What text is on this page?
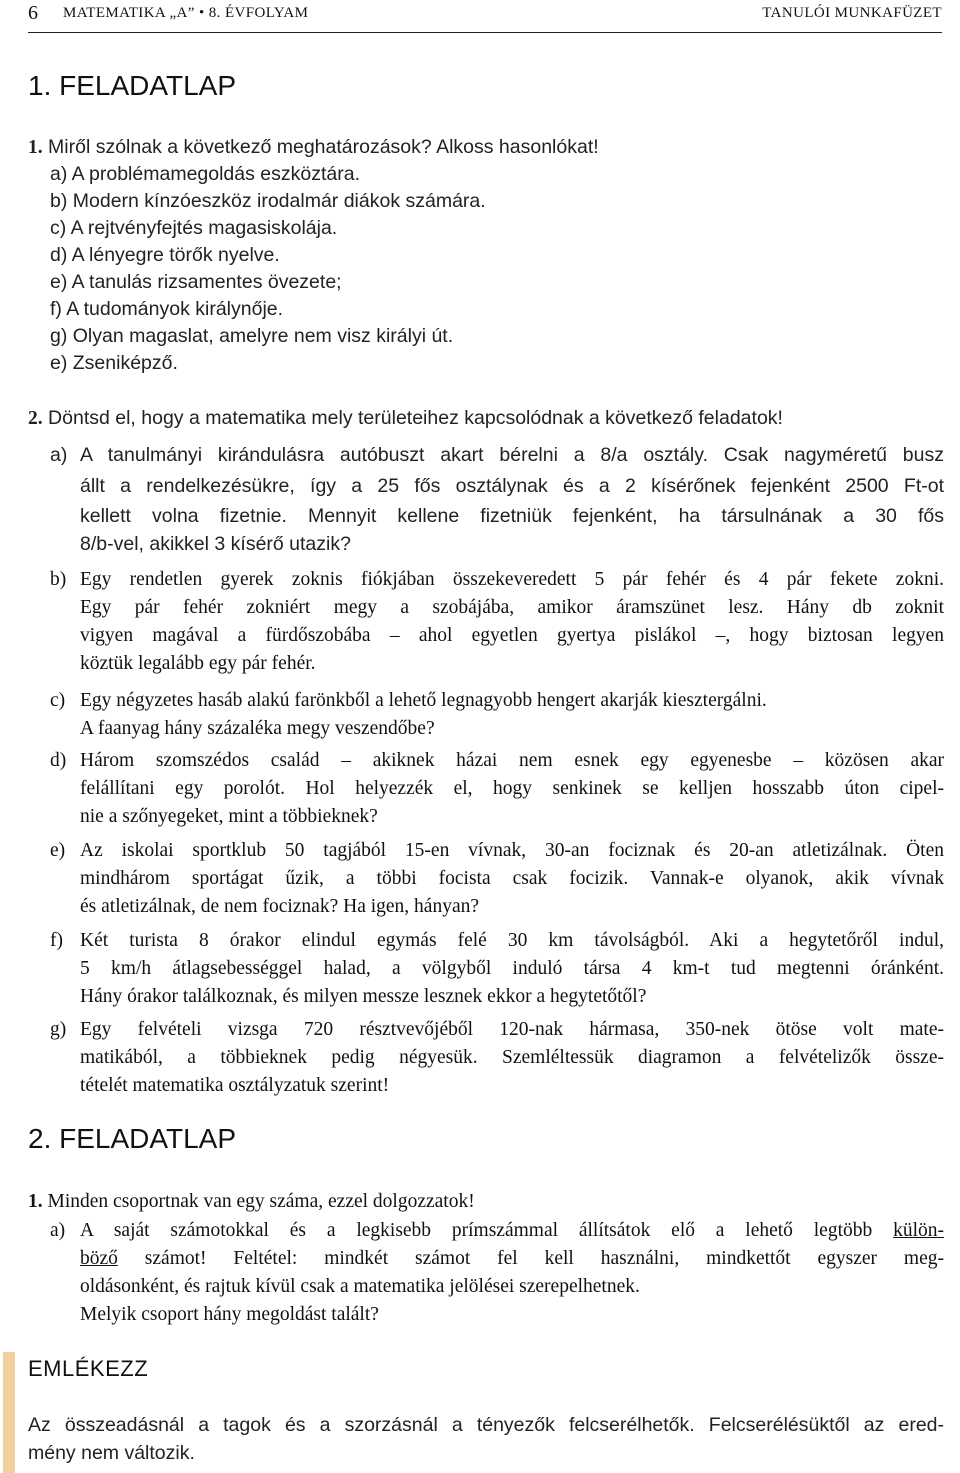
6 MATEMATIKA „A” • 8. ÉVFOLYAM	TANULÓI MUNKAFÜZET
1. FELADATLAP
1. Miről szólnak a következő meghatározások? Alkoss hasonlókat!
a) A problémamegoldás eszköztára.
b) Modern kínzóeszköz irodalmár diákok számára.
c) A rejtvényfejtés magasiskolája.
d) A lényegre törők nyelve.
e) A tanulás rizsamentes övezete;
f) A tudományok királynője.
g) Olyan magaslat, amelyre nem visz királyi út.
e) Zseniképző.
2. Döntsd el, hogy a matematika mely területeihez kapcsolódnak a következő feladatok!
a) A tanulmányi kirándulásra autóbuszt akart bérelni a 8/a osztály. Csak nagyméretű busz
állt a rendelkezésükre, így a 25 fős osztálynak és a 2 kísérőnek fejenként 2500 Ft-ot
kellett volna fizetnie. Mennyit kellene fizetniük fejenként, ha társulnának a 30 fős
8/b-vel, akikkel 3 kísérő utazik?
b) Egy rendetlen gyerek zoknis fiókjában összekeveredett 5 pár fehér és 4 pár fekete zokni.
Egy pár fehér zokniért megy a szobájába, amikor áramszünet lesz. Hány db zoknit
vigyen magával a fürdőszobába – ahol egyetlen gyertya pislákol –, hogy biztosan legyen
köztük legalább egy pár fehér.
c) Egy négyzetes hasáb alakú farönkből a lehető legnagyobb hengert akarják kiesztergálni.
A faanyag hány százaléka megy veszendőbe?
d) Három szomszédos család – akiknek házai nem esnek egy egyenesbe – közösen akar
felállítani egy porolót. Hol helyezzék el, hogy senkinek se kelljen hosszabb úton cipel-
nie a szőnyegeket, mint a többieknek?
e) Az iskolai sportklub 50 tagjából 15-en vívnak, 30-an fociznak és 20-an atletizálnak. Öten
mindhárom sportágat űzik, a többi focista csak focizik. Vannak-e olyanok, akik vívnak
és atletizálnak, de nem fociznak? Ha igen, hányan?
f) Két turista 8 órakor elindul egymás felé 30 km távolságból. Aki a hegytetőről indul,
5 km/h átlagsebességgel halad, a völgyből induló társa 4 km-t tud megtenni óránként.
Hány órakor találkoznak, és milyen messze lesznek ekkor a hegytetőtől?
g) Egy felvételi vizsga 720 résztvevőjéből 120-nak hármasa, 350-nek ötöse volt mate-
matikából, a többieknek pedig négyesük. Szemléltessük diagramon a felvételizők össze-
tételét matematika osztályzatuk szerint!
2. FELADATLAP
1. Minden csoportnak van egy száma, ezzel dolgozzatok!
a) A saját számotokkal és a legkisebb prímszámmal állítsátok elő a lehető legtöbb külön-
böző számot! Feltétel: mindkét számot fel kell használni, mindkettőt egyszer meg-
oldásonként, és rajtuk kívül csak a matematika jelölései szerepelhetnek.
Melyik csoport hány megoldást talált?
EMLÉKEZZ
Az összeadásnál a tagok és a szorzásnál a tényezők felcserélhetők. Felcserélésüktől az ered-
mény nem változik.
